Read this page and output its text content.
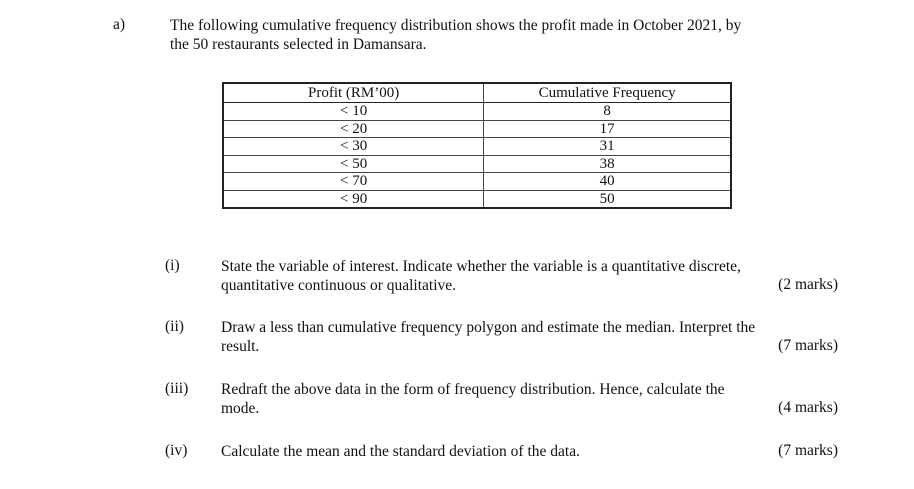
a)	The following cumulative frequency distribution shows the profit made in October 2021, by
the 50 restaurants selected in Damansara.
Profit (RM’00)	Cumulative Frequency
< 10	8
< 20	17
< 30	31
< 50	38
< 70	40
< 90	50
(i)	State the variable of interest. Indicate whether the variable is a quantitative discrete,
quantitative continuous or qualitative.	(2 marks)
(ii) Draw a less than cumulative frequency polygon and estimate the median. Interpret the
result.	(7 marks)
(iii) Redraft the above data in the form of frequency distribution. Hence, calculate the
mode.	(4 marks)
(iv) Calculate the mean and the standard deviation of the data.	(7 marks)
